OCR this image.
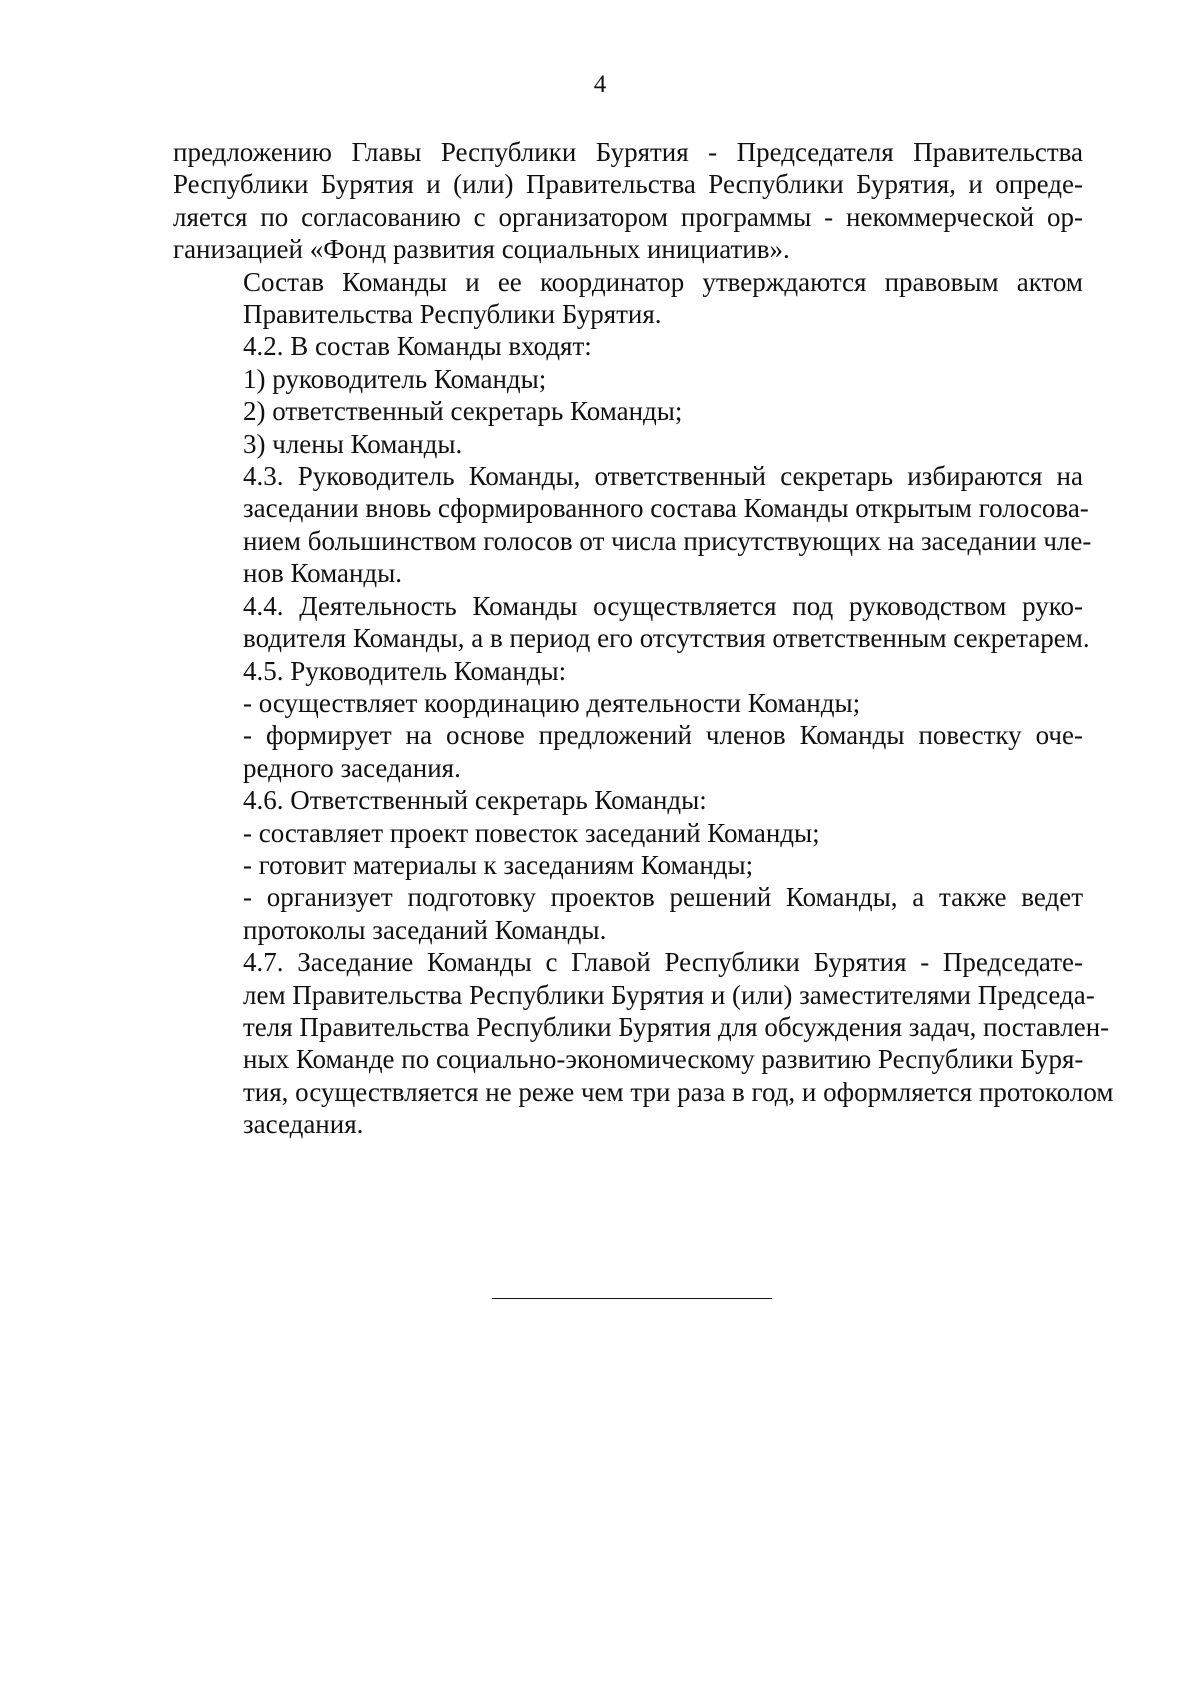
4
предложению Главы Республики Бурятия - Председателя Правительства
Республики Бурятия и (или) Правительства Республики Бурятия, и опреде-
ляется по согласованию с организатором программы - некоммерческой ор-
ганизацией «Фонд развития социальных инициатив».
Состав Команды и ее координатор утверждаются правовым актом
Правительства Республики Бурятия.
4.2. В состав Команды входят:
1) руководитель Команды;
2) ответственный секретарь Команды;
3) члены Команды.
4.3. Руководитель Команды, ответственный секретарь избираются на
заседании вновь сформированного состава Команды открытым голосова-
нием большинством голосов от числа присутствующих на заседании чле-
нов Команды.
4.4. Деятельность Команды осуществляется под руководством руко-
водителя Команды, а в период его отсутствия ответственным секретарем.
4.5. Руководитель Команды:
- осуществляет координацию деятельности Команды;
- формирует на основе предложений членов Команды повестку оче-
редного заседания.
4.6. Ответственный секретарь Команды:
- составляет проект повесток заседаний Команды;
- готовит материалы к заседаниям Команды;
- организует подготовку проектов решений Команды, а также ведет
протоколы заседаний Команды.
4.7. Заседание Команды с Главой Республики Бурятия - Председате-
лем Правительства Республики Бурятия и (или) заместителями Председа-
теля Правительства Республики Бурятия для обсуждения задач, поставлен-
ных Команде по социально-экономическому развитию Республики Буря-
тия, осуществляется не реже чем три раза в год, и оформляется протоколом
заседания.
